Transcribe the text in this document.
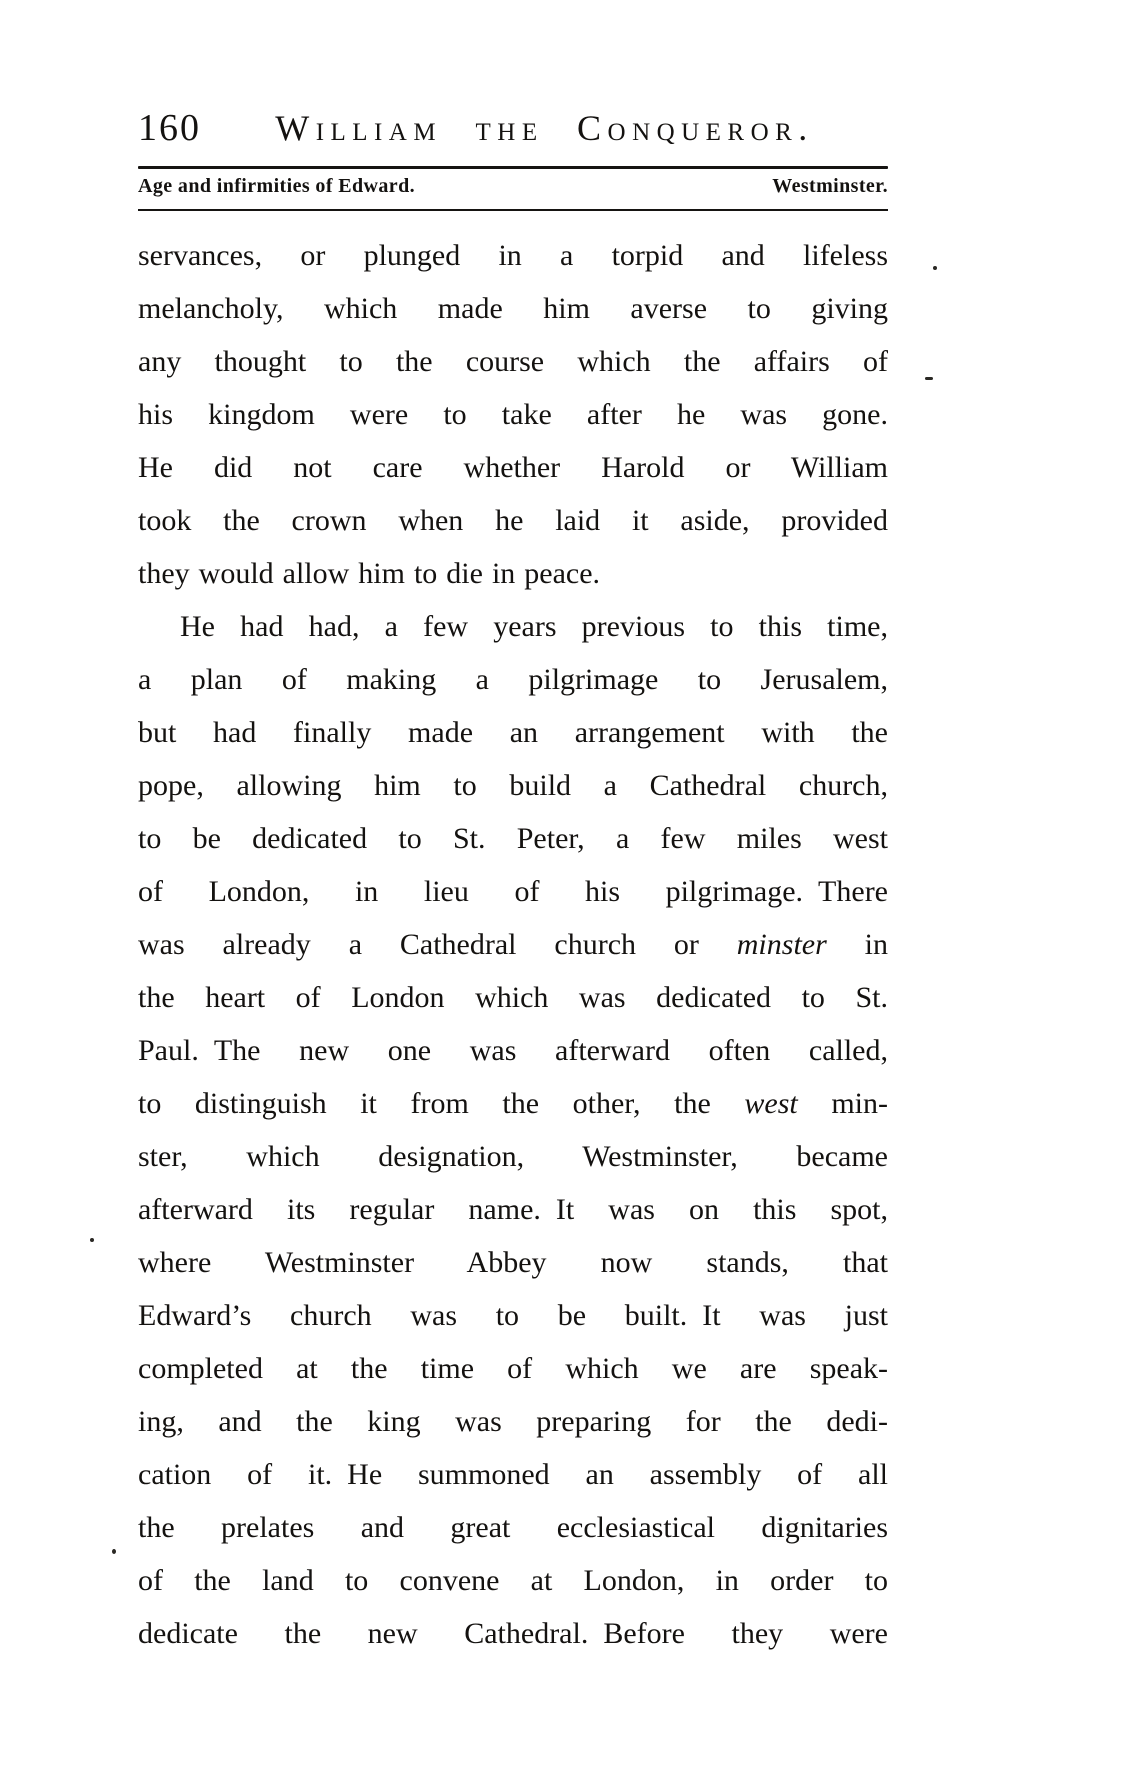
160	William the Conqueror.
Age and infirmities of Edward.	Westminster.
servances, or plunged in a torpid and lifeless
melancholy, which made him averse to giving
any thought to the course which the affairs of
his kingdom were to take after he was gone.
He did not care whether Harold or William
took the crown when he laid it aside, provided
they would allow him to die in peace.
He had had, a few years previous to this time,
a plan of making a pilgrimage to Jerusalem,
but had finally made an arrangement with the
pope, allowing him to build a Cathedral church,
to be dedicated to St. Peter, a few miles west
of London, in lieu of his pilgrimage. There
was already a Cathedral church or minster in
the heart of London which was dedicated to St.
Paul. The new one was afterward often called,
to distinguish it from the other, the west min-
ster, which designation, Westminster, became
afterward its regular name. It was on this spot,
where Westminster Abbey now stands, that
Edward’s church was to be built. It was just
completed at the time of which we are speak-
ing, and the king was preparing for the dedi-
cation of it. He summoned an assembly of all
the prelates and great ecclesiastical dignitaries
of the land to convene at London, in order to
dedicate the new Cathedral. Before they were
